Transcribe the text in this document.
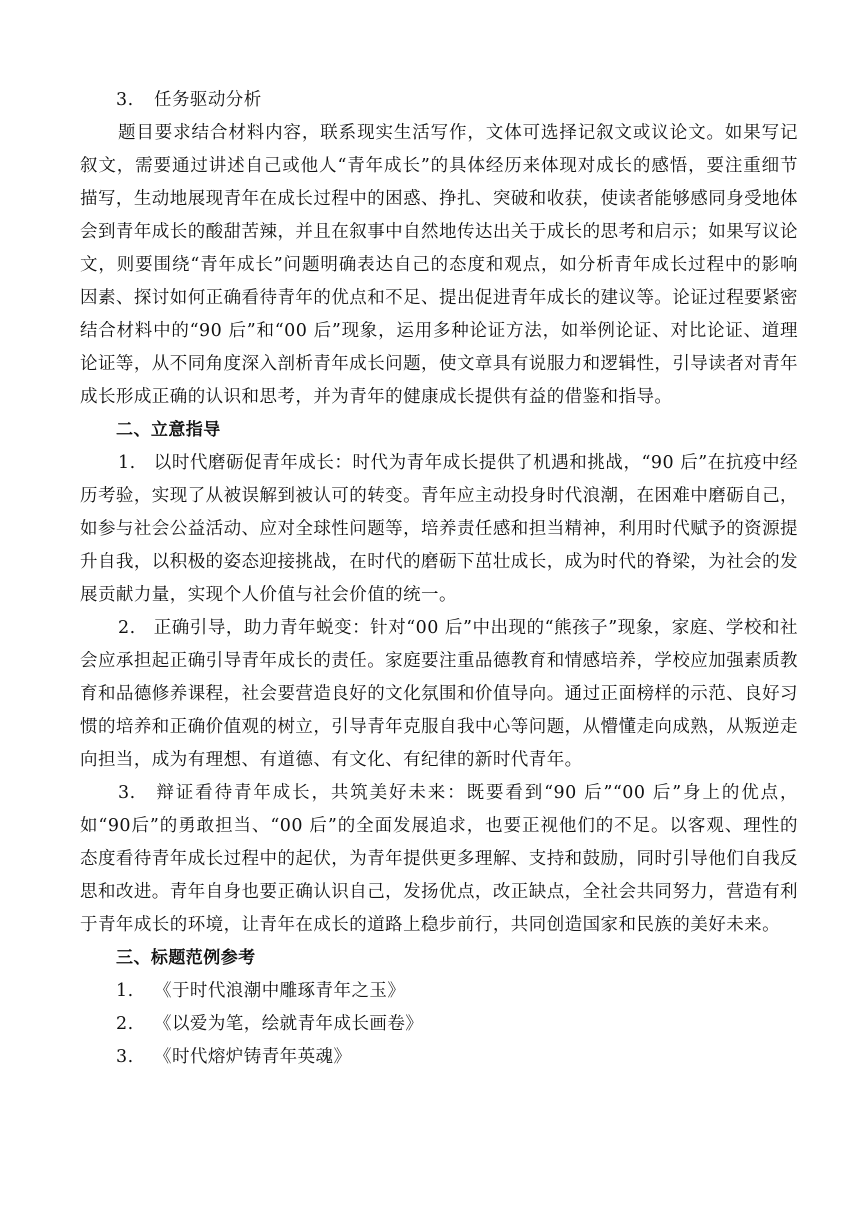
3. 任务驱动分析

题目要求结合材料内容，联系现实生活写作，文体可选择记叙文或议论文。如果写记叙文，需要通过讲述自己或他人“青年成长”的具体经历来体现对成长的感悟，要注重细节描写，生动地展现青年在成长过程中的困惑、挣扎、突破和收获，使读者能够感同身受地体会到青年成长的酸甜苦辣，并且在叙事中自然地传达出关于成长的思考和启示；如果写议论文，则要围绕“青年成长”问题明确表达自己的态度和观点，如分析青年成长过程中的影响因素、探讨如何正确看待青年的优点和不足、提出促进青年成长的建议等。论证过程要紧密结合材料中的“90 后”和“00 后”现象，运用多种论证方法，如举例论证、对比论证、道理论证等，从不同角度深入剖析青年成长问题，使文章具有说服力和逻辑性，引导读者对青年成长形成正确的认识和思考，并为青年的健康成长提供有益的借鉴和指导。

二、立意指导

1.　以时代磨砺促青年成长：时代为青年成长提供了机遇和挑战，“90 后”在抗疫中经历考验，实现了从被误解到被认可的转变。青年应主动投身时代浪潮，在困难中磨砺自己，如参与社会公益活动、应对全球性问题等，培养责任感和担当精神，利用时代赋予的资源提升自我，以积极的姿态迎接挑战，在时代的磨砺下茁壮成长，成为时代的脊梁，为社会的发展贡献力量，实现个人价值与社会价值的统一。

2.　正确引导，助力青年蜕变：针对“00 后”中出现的“熊孩子”现象，家庭、学校和社会应承担起正确引导青年成长的责任。家庭要注重品德教育和情感培养，学校应加强素质教育和品德修养课程，社会要营造良好的文化氛围和价值导向。通过正面榜样的示范、良好习惯的培养和正确价值观的树立，引导青年克服自我中心等问题，从懵懂走向成熟，从叛逆走向担当，成为有理想、有道德、有文化、有纪律的新时代青年。

3.　辩证看待青年成长，共筑美好未来：既要看到“90 后”“00 后”身上的优点，如“90后”的勇敢担当、“00 后”的全面发展追求，也要正视他们的不足。以客观、理性的态度看待青年成长过程中的起伏，为青年提供更多理解、支持和鼓励，同时引导他们自我反思和改进。青年自身也要正确认识自己，发扬优点，改正缺点，全社会共同努力，营造有利于青年成长的环境，让青年在成长的道路上稳步前行，共同创造国家和民族的美好未来。

三、标题范例参考

1. 《于时代浪潮中雕琢青年之玉》

2. 《以爱为笔，绘就青年成长画卷》

3. 《时代熔炉铸青年英魂》
